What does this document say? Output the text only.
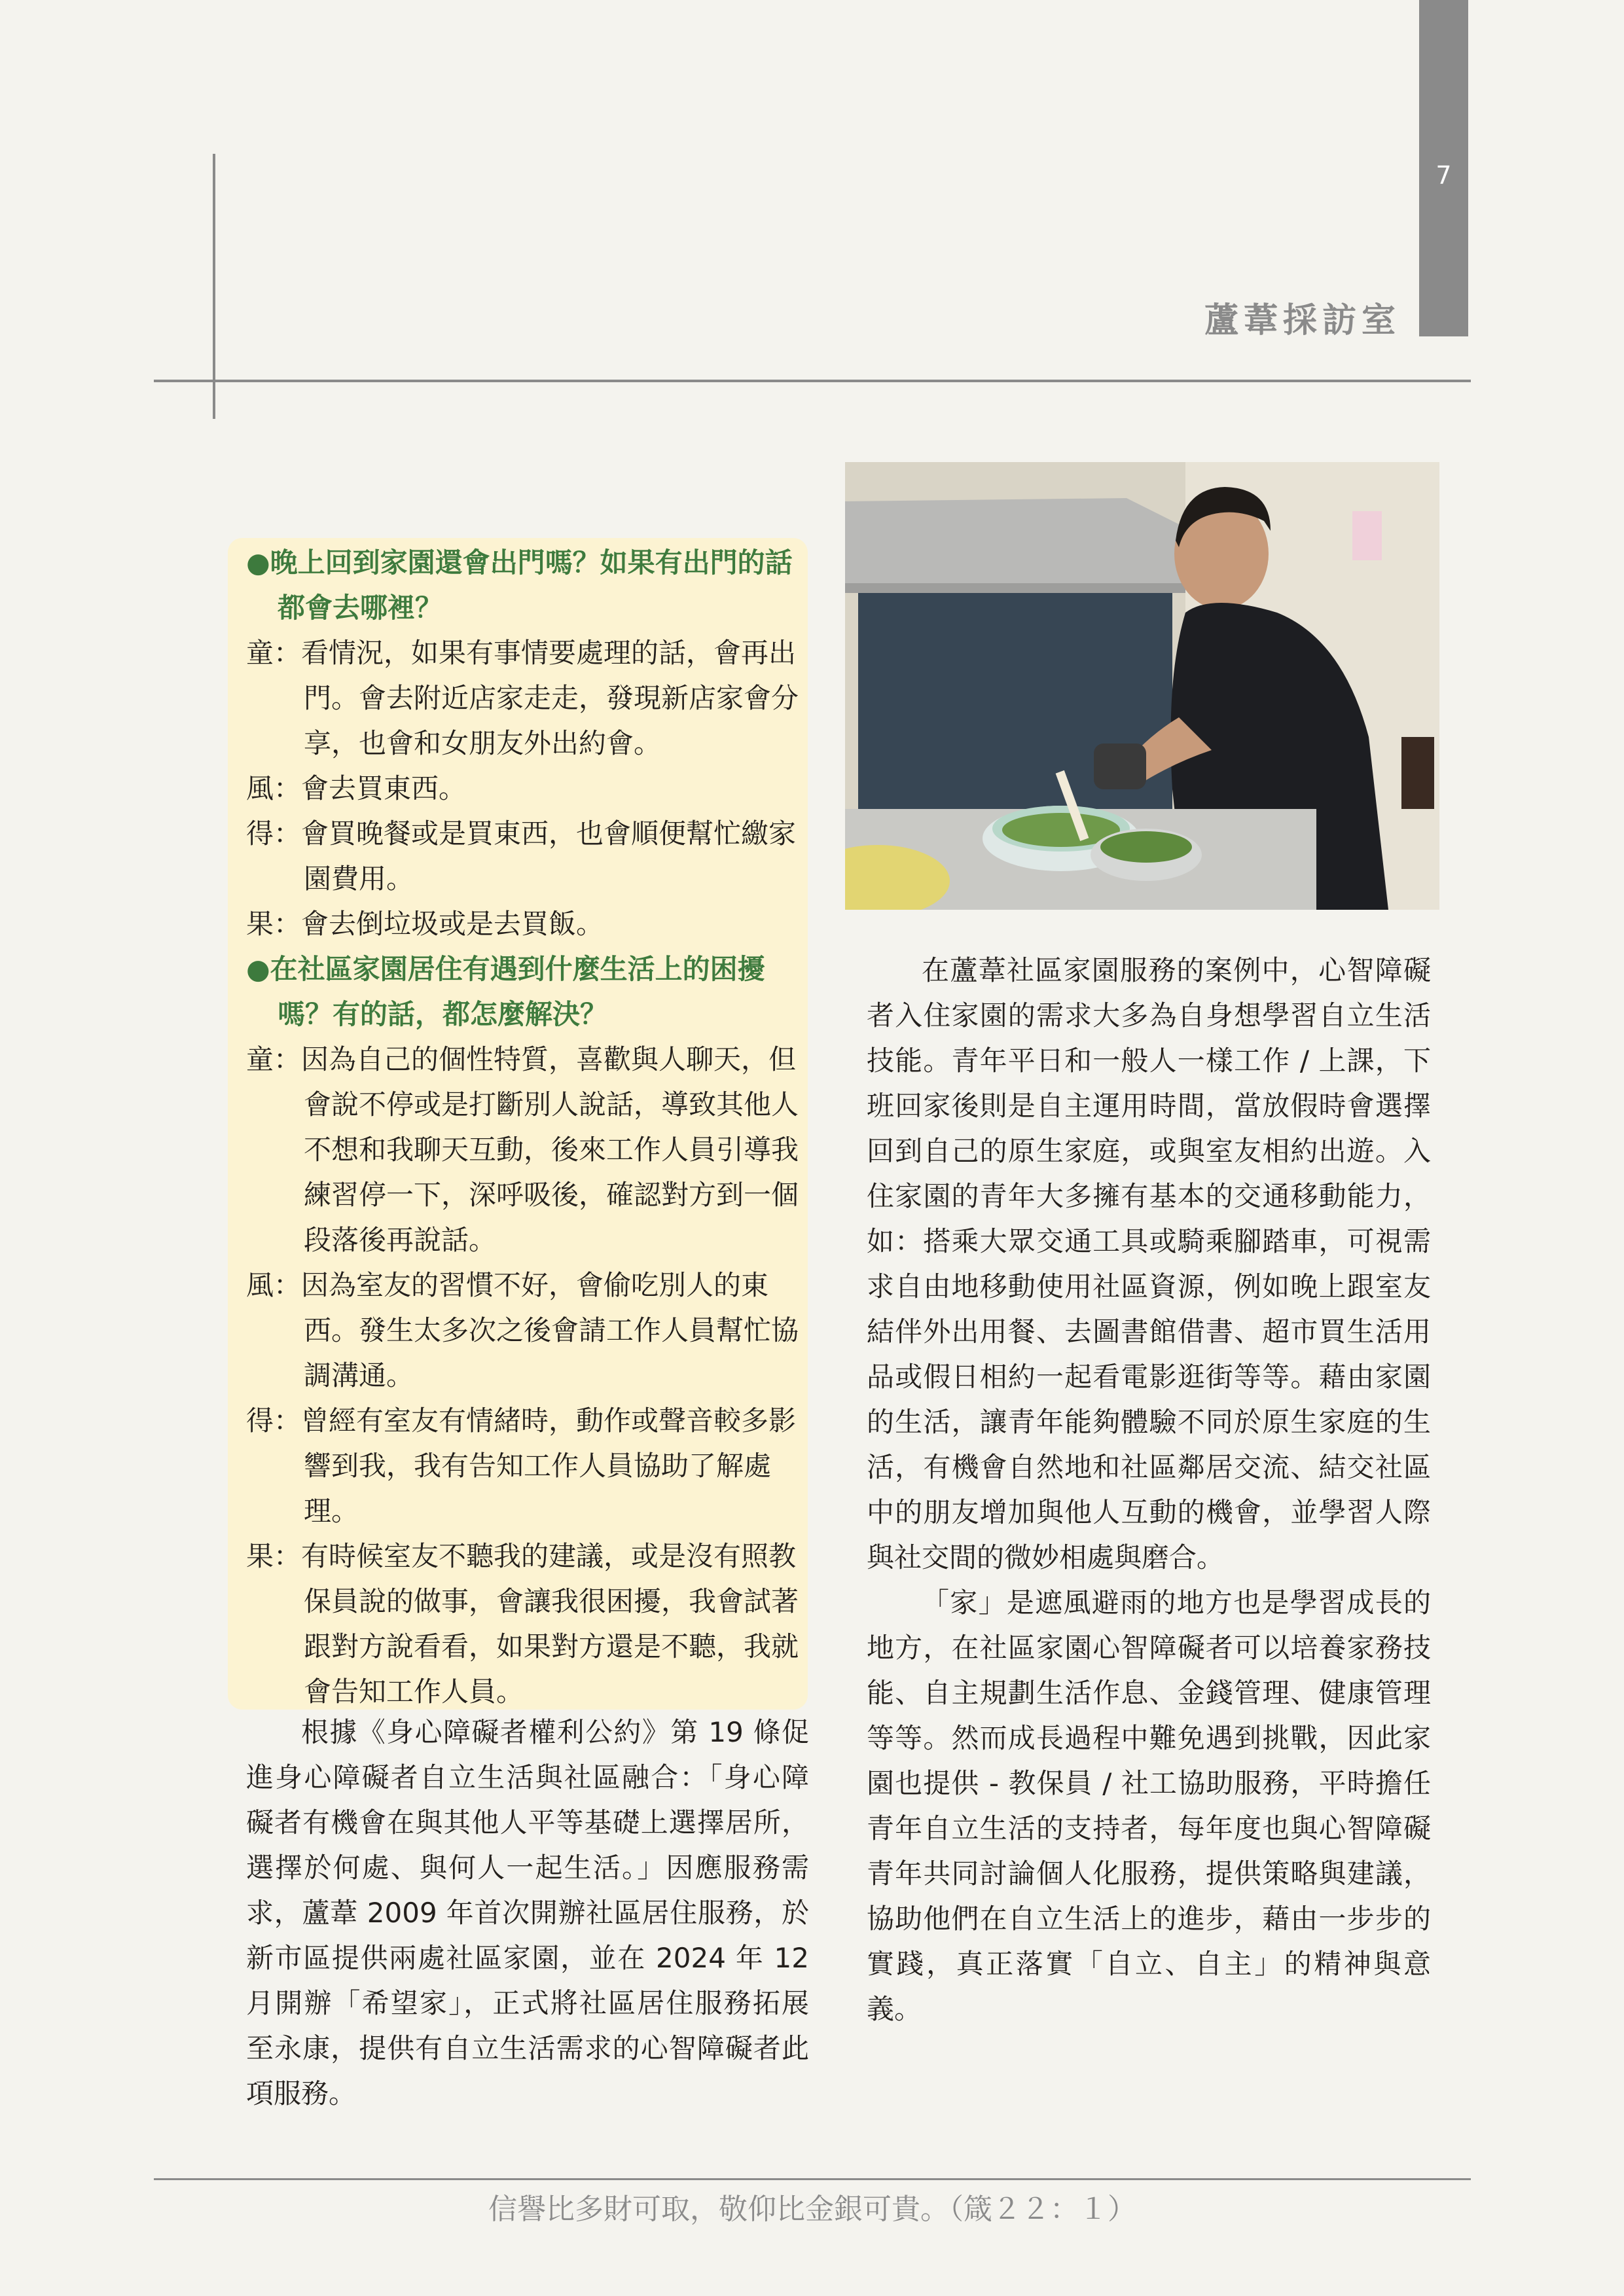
7
蘆葦採訪室
●晚上回到家園還會出門嗎？如果有出門的話都會去哪裡？
童：看情況，如果有事情要處理的話，會再出門。會去附近店家走走，發現新店家會分享，也會和女朋友外出約會。
風：會去買東西。
得：會買晚餐或是買東西，也會順便幫忙繳家園費用。
果：會去倒垃圾或是去買飯。
●在社區家園居住有遇到什麼生活上的困擾嗎？有的話，都怎麼解決？
童：因為自己的個性特質，喜歡與人聊天，但會說不停或是打斷別人說話，導致其他人不想和我聊天互動，後來工作人員引導我練習停一下，深呼吸後，確認對方到一個段落後再說話。
風：因為室友的習慣不好，會偷吃別人的東西。發生太多次之後會請工作人員幫忙協調溝通。
得：曾經有室友有情緒時，動作或聲音較多影響到我，我有告知工作人員協助了解處理。
果：有時候室友不聽我的建議，或是沒有照教保員說的做事，會讓我很困擾，我會試著跟對方說看看，如果對方還是不聽，我就會告知工作人員。
根據《身心障礙者權利公約》第 19 條促進身心障礙者自立生活與社區融合：「身心障礙者有機會在與其他人平等基礎上選擇居所，選擇於何處、與何人一起生活。」因應服務需求，蘆葦 2009 年首次開辦社區居住服務，於新市區提供兩處社區家園，並在 2024 年 12 月開辦「希望家」，正式將社區居住服務拓展至永康，提供有自立生活需求的心智障礙者此項服務。

在蘆葦社區家園服務的案例中，心智障礙者入住家園的需求大多為自身想學習自立生活技能。青年平日和一般人一樣工作 / 上課，下班回家後則是自主運用時間，當放假時會選擇回到自己的原生家庭，或與室友相約出遊。入住家園的青年大多擁有基本的交通移動能力，如：搭乘大眾交通工具或騎乘腳踏車，可視需求自由地移動使用社區資源，例如晚上跟室友結伴外出用餐、去圖書館借書、超市買生活用品或假日相約一起看電影逛街等等。藉由家園的生活，讓青年能夠體驗不同於原生家庭的生活，有機會自然地和社區鄰居交流、結交社區中的朋友增加與他人互動的機會，並學習人際與社交間的微妙相處與磨合。

「家」是遮風避雨的地方也是學習成長的地方，在社區家園心智障礙者可以培養家務技能、自主規劃生活作息、金錢管理、健康管理等等。然而成長過程中難免遇到挑戰，因此家園也提供 - 教保員 / 社工協助服務，平時擔任青年自立生活的支持者，每年度也與心智障礙青年共同討論個人化服務，提供策略與建議，協助他們在自立生活上的進步，藉由一步步的實踐，真正落實「自立、自主」的精神與意義。

信譽比多財可取，敬仰比金銀可貴。（箴２２：１）
